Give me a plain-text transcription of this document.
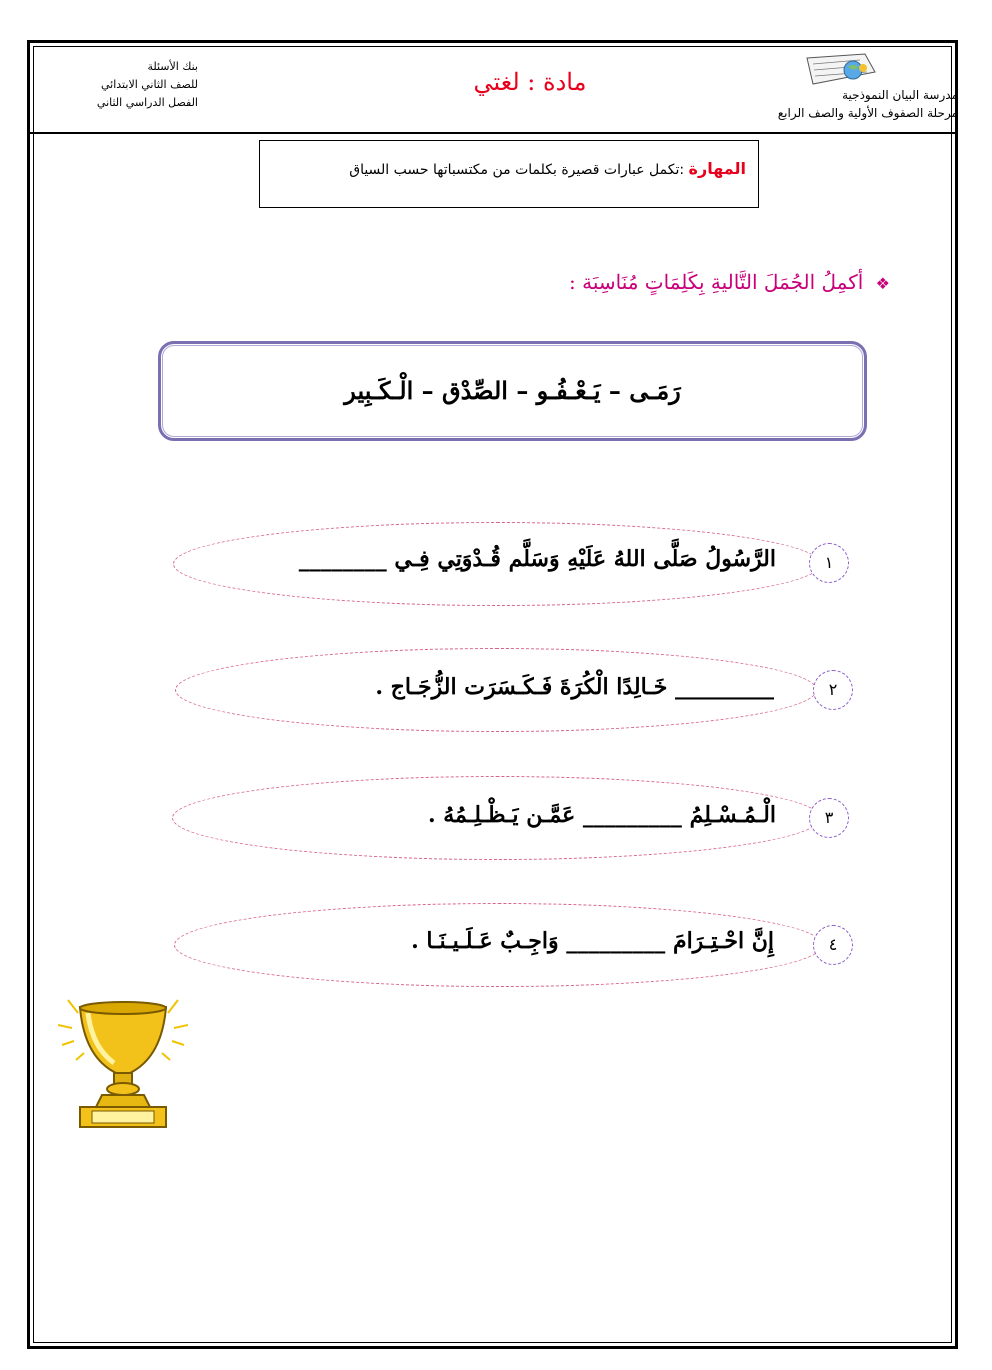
مدرسة البيان النموذجية
مرحلة الصفوف الأولية والصف الرابع
مادة : لغتي
بنك الأسئلة
للصف الثاني الابتدائي
الفصل الدراسي الثاني
المهارة :تكمل عبارات قصيرة بكلمات من مكتسباتها حسب السياق
❖ أكمِلُ الجُمَلَ التَّاليةِ بِكَلِمَاتٍ مُنَاسِبَة :
رَمَـى – يَـعْـفُـو – الصِّدْق – الْـكَـبِير
١
الرَّسُولُ صَلَّى اللهُ عَلَيْهِ وَسَلَّم قُـدْوَتِي فِـي ________
٢
_________ خَـالِدًا الْكُرَةَ فَـكَـسَرَت الزُّجَـاج .
٣
الْـمُـسْـلِمُ _________ عَمَّـن يَـظْـلِـمُهُ .
٤
إِنَّ احْـتِـرَامَ _________ وَاجِـبٌ عَـلَـيـنَـا .
